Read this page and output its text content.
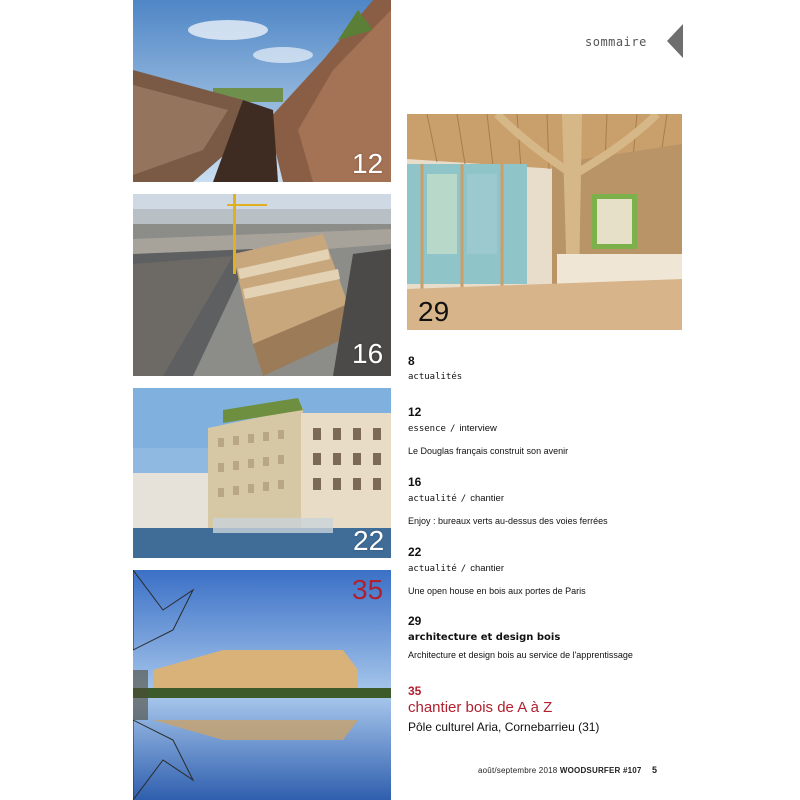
12
16
22
35
29
sommaire
8
actualités
12
essence / interview
Le Douglas français construit son avenir
16
actualité / chantier
Enjoy : bureaux verts au-dessus des voies ferrées
22
actualité / chantier
Une open house en bois aux portes de Paris
29
architecture et design bois
Architecture et design bois au service de l'apprentissage
35
chantier bois de A à Z
Pôle culturel Aria, Cornebarrieu (31)
août/septembre 2018 WOODSURFER #107 5
